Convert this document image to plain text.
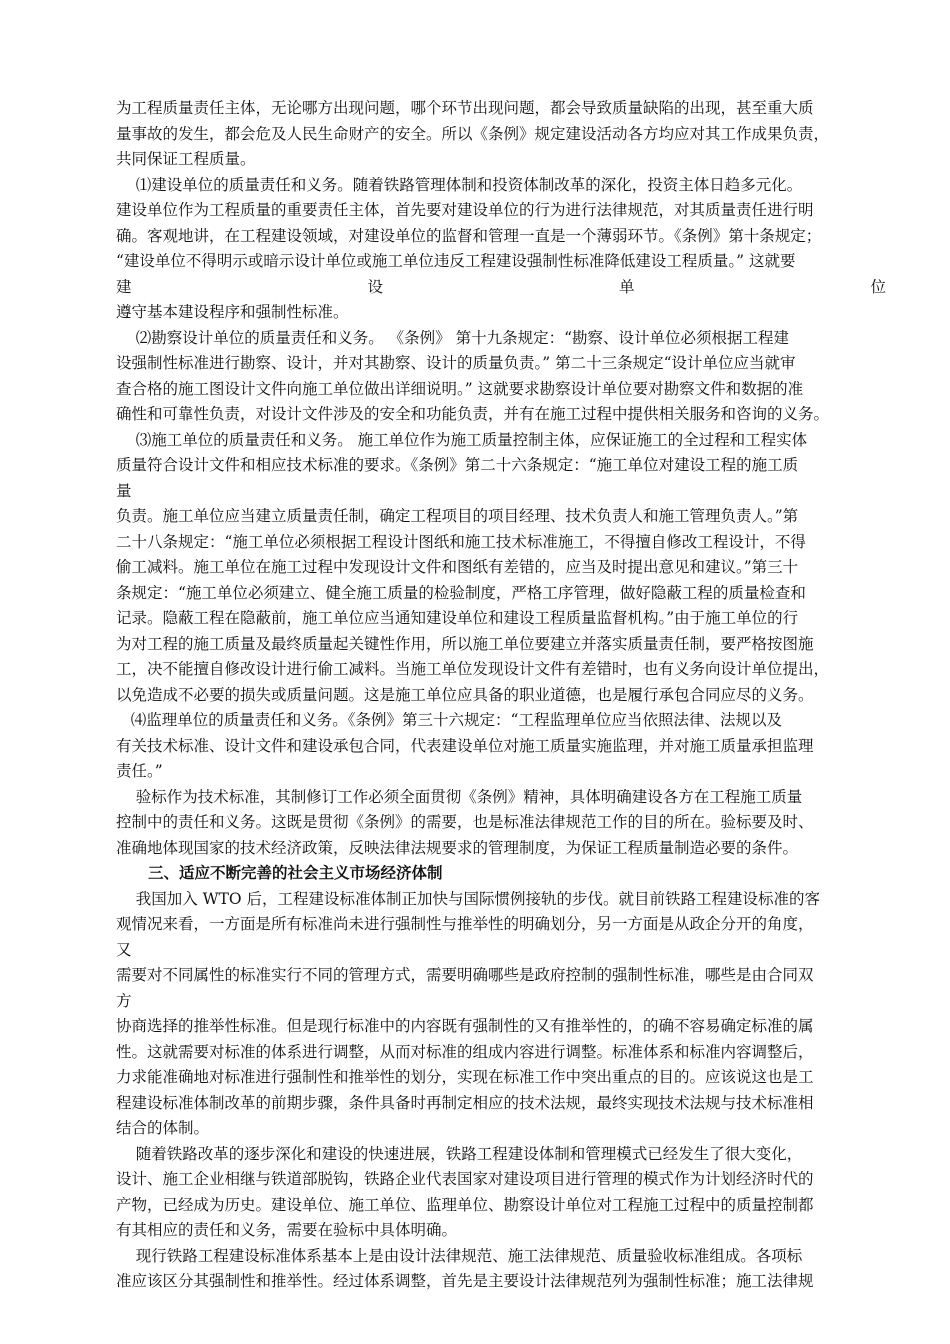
为工程质量责任主体，无论哪方出现问题，哪个环节出现问题，都会导致质量缺陷的出现，甚至重大质
量事故的发生，都会危及人民生命财产的安全。所以《条例》规定建设活动各方均应对其工作成果负责，
共同保证工程质量。
⑴建设单位的质量责任和义务。随着铁路管理体制和投资体制改革的深化，投资主体日趋多元化。
建设单位作为工程质量的重要责任主体，首先要对建设单位的行为进行法律规范，对其质量责任进行明
确。客观地讲，在工程建设领域，对建设单位的监督和管理一直是一个薄弱环节。《条例》第十条规定；
“建设单位不得明示或暗示设计单位或施工单位违反工程建设强制性标准降低建设工程质量。” 这就要
建	设	单	位
遵守基本建设程序和强制性标准。
⑵勘察设计单位的质量责任和义务。 《条例》 第十九条规定：“勘察、设计单位必须根据工程建
设强制性标准进行勘察、设计，并对其勘察、设计的质量负责。” 第二十三条规定“设计单位应当就审
查合格的施工图设计文件向施工单位做出详细说明。” 这就要求勘察设计单位要对勘察文件和数据的准
确性和可靠性负责，对设计文件涉及的安全和功能负责，并有在施工过程中提供相关服务和咨询的义务。
⑶施工单位的质量责任和义务。 施工单位作为施工质量控制主体，应保证施工的全过程和工程实体
质量符合设计文件和相应技术标准的要求。《条例》第二十六条规定：“施工单位对建设工程的施工质
量
负责。施工单位应当建立质量责任制，确定工程项目的项目经理、技术负责人和施工管理负责人。”第
二十八条规定：“施工单位必须根据工程设计图纸和施工技术标准施工，不得擅自修改工程设计，不得
偷工减料。施工单位在施工过程中发现设计文件和图纸有差错的，应当及时提出意见和建议。”第三十
条规定：“施工单位必须建立、健全施工质量的检验制度，严格工序管理，做好隐蔽工程的质量检查和
记录。隐蔽工程在隐蔽前，施工单位应当通知建设单位和建设工程质量监督机构。”由于施工单位的行
为对工程的施工质量及最终质量起关键性作用，所以施工单位要建立并落实质量责任制，要严格按图施
工，决不能擅自修改设计进行偷工减料。当施工单位发现设计文件有差错时，也有义务向设计单位提出，
以免造成不必要的损失或质量问题。这是施工单位应具备的职业道德，也是履行承包合同应尽的义务。
⑷监理单位的质量责任和义务。《条例》第三十六规定：“工程监理单位应当依照法律、法规以及
有关技术标准、设计文件和建设承包合同，代表建设单位对施工质量实施监理，并对施工质量承担监理
责任。”
验标作为技术标准，其制修订工作必须全面贯彻《条例》精神，具体明确建设各方在工程施工质量
控制中的责任和义务。这既是贯彻《条例》的需要，也是标准法律规范工作的目的所在。验标要及时、
准确地体现国家的技术经济政策，反映法律法规要求的管理制度，为保证工程质量制造必要的条件。
三、适应不断完善的社会主义市场经济体制
我国加入 WTO 后，工程建设标准体制正加快与国际惯例接轨的步伐。就目前铁路工程建设标准的客
观情况来看，一方面是所有标准尚未进行强制性与推举性的明确划分，另一方面是从政企分开的角度，
又
需要对不同属性的标准实行不同的管理方式，需要明确哪些是政府控制的强制性标准，哪些是由合同双
方
协商选择的推举性标准。但是现行标准中的内容既有强制性的又有推举性的，的确不容易确定标准的属
性。这就需要对标准的体系进行调整，从而对标准的组成内容进行调整。标准体系和标准内容调整后，
力求能准确地对标准进行强制性和推举性的划分，实现在标准工作中突出重点的目的。应该说这也是工
程建设标准体制改革的前期步骤，条件具备时再制定相应的技术法规，最终实现技术法规与技术标准相
结合的体制。
随着铁路改革的逐步深化和建设的快速进展，铁路工程建设体制和管理模式已经发生了很大变化，
设计、施工企业相继与铁道部脱钩，铁路企业代表国家对建设项目进行管理的模式作为计划经济时代的
产物，已经成为历史。建设单位、施工单位、监理单位、勘察设计单位对工程施工过程中的质量控制都
有其相应的责任和义务，需要在验标中具体明确。
现行铁路工程建设标准体系基本上是由设计法律规范、施工法律规范、质量验收标准组成。各项标
准应该区分其强制性和推举性。经过体系调整，首先是主要设计法律规范列为强制性标准；施工法律规
